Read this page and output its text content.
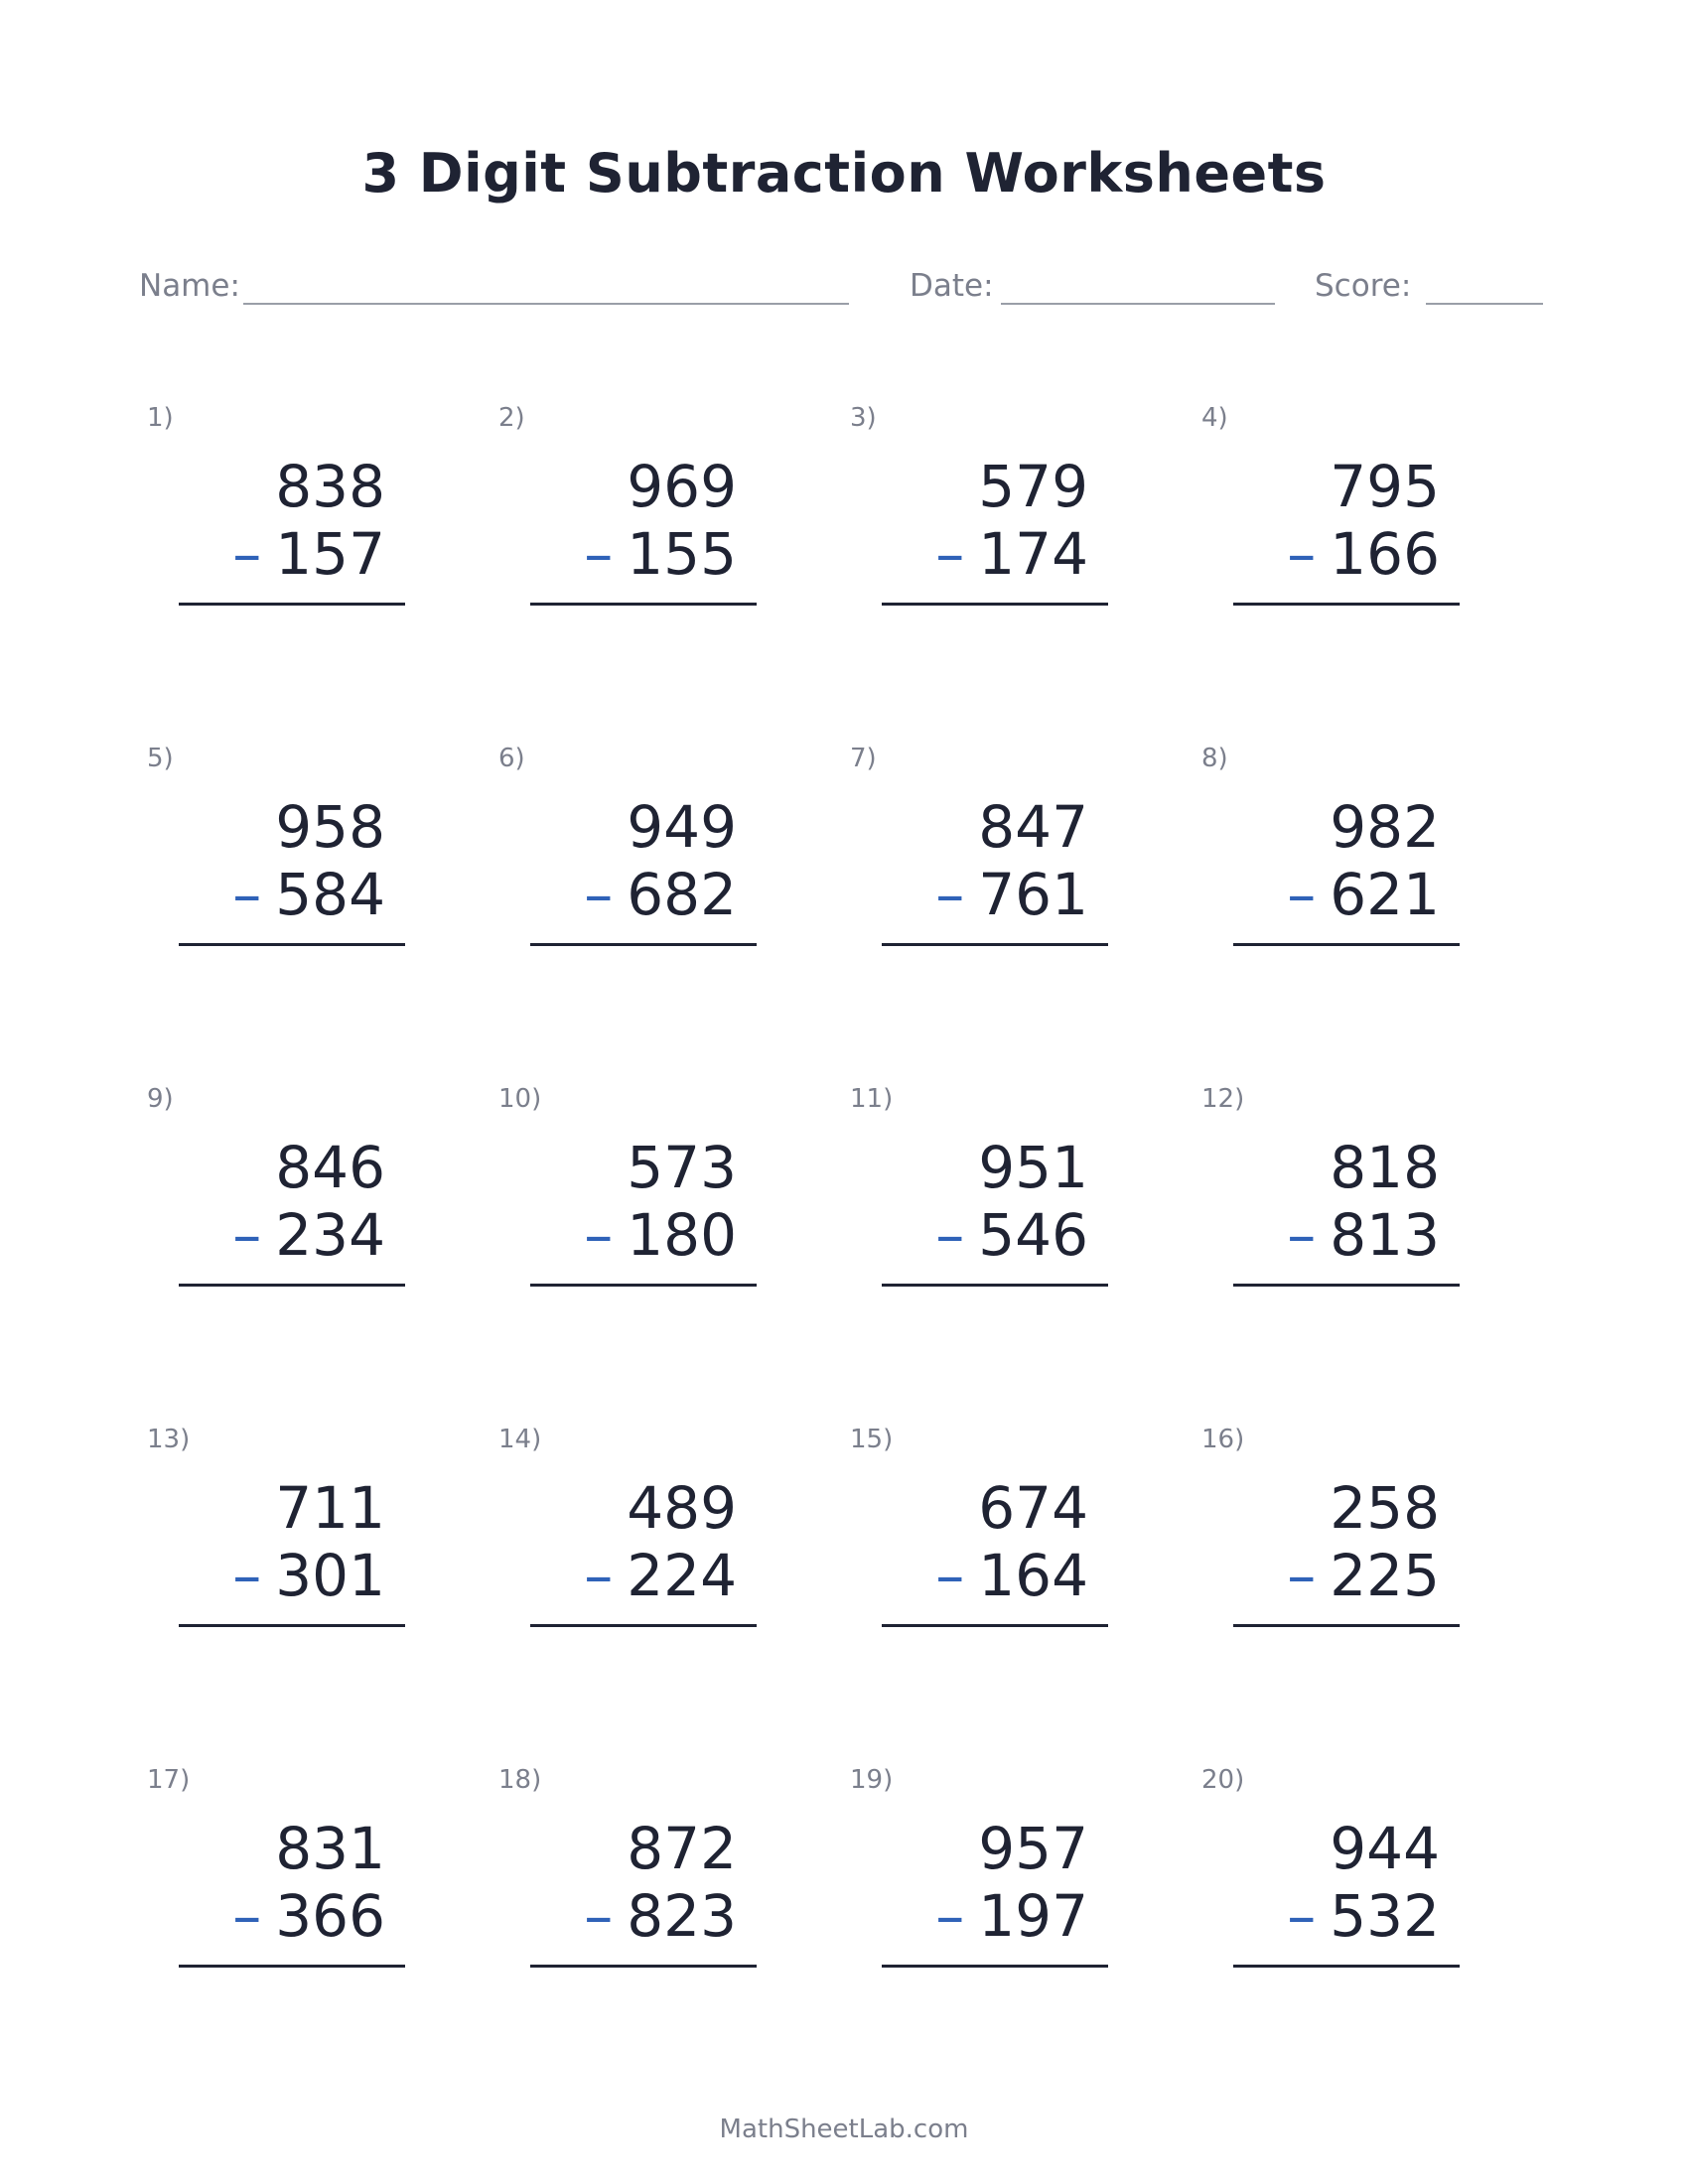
3 Digit Subtraction Worksheets
Name:	Date:	Score:
1)
838
– 157
2)
969
– 155
3)
579
– 174
4)
795
– 166
5)
958
– 584
6)
949
– 682
7)
847
– 761
8)
982
– 621
9)
846
– 234
10)
573
– 180
11)
951
– 546
12)
818
– 813
13)
711
– 301
14)
489
– 224
15)
674
– 164
16)
258
– 225
17)
831
– 366
18)
872
– 823
19)
957
– 197
20)
944
– 532
MathSheetLab.com
